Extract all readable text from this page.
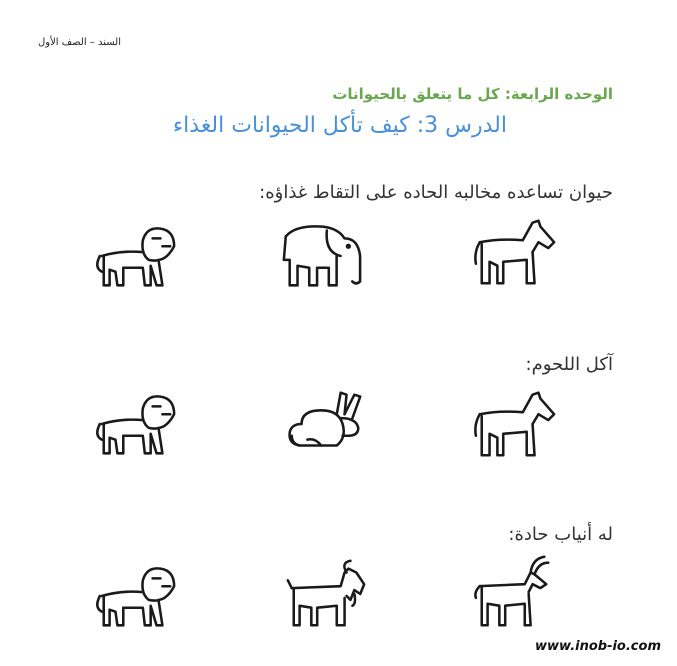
السند – الصف الأول
الوحده الرابعة: كل ما يتعلق بالحيوانات
الدرس 3: كيف تأكل الحيوانات الغذاء
حيوان تساعده مخالبه الحاده على التقاط غذاؤه:
آكل اللحوم:
له أنياب حادة:
www.inob-io.com
